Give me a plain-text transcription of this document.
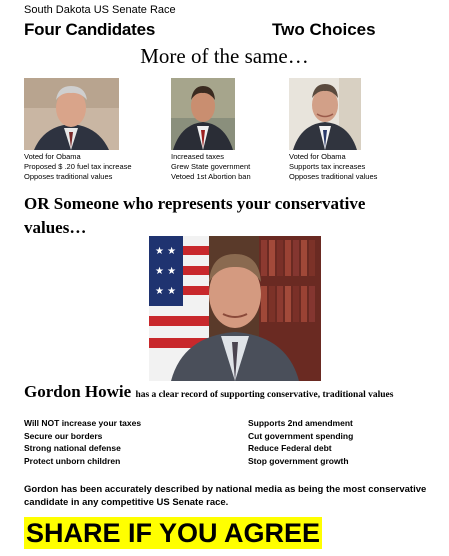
South Dakota US Senate Race
Four Candidates	Two Choices
More of the same…
Voted for Obama
Proposed $ .20 fuel tax increase
Opposes traditional values
Increased taxes
Grew State government
Vetoed 1st Abortion ban
Voted for Obama
Supports tax increases
Opposes traditional values
OR Someone who represents your conservative values…
★ ★
★ ★
★ ★
Gordon Howie has a clear record of supporting conservative, traditional values
Will NOT increase your taxes
Secure our borders
Strong national defense
Protect unborn children
Supports 2nd amendment
Cut government spending
Reduce Federal debt
Stop government growth
Gordon has been accurately described by national media as being the most conservative candidate in any competitive US Senate race.
SHARE IF YOU AGREE
